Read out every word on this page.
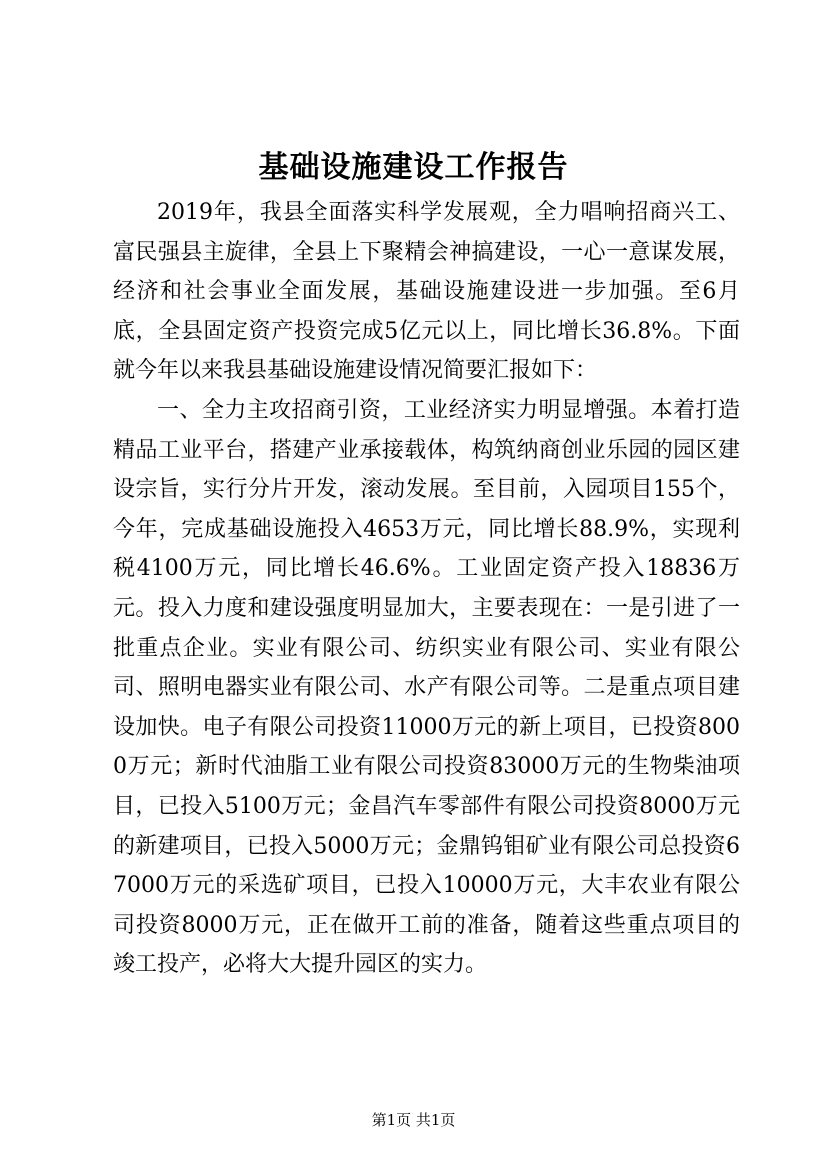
基础设施建设工作报告

2019年，我县全面落实科学发展观，全力唱响招商兴工、富民强县主旋律，全县上下聚精会神搞建设，一心一意谋发展，经济和社会事业全面发展，基础设施建设进一步加强。至6月底，全县固定资产投资完成5亿元以上，同比增长36.8%。下面就今年以来我县基础设施建设情况简要汇报如下：

一、全力主攻招商引资，工业经济实力明显增强。本着打造精品工业平台，搭建产业承接载体，构筑纳商创业乐园的园区建设宗旨，实行分片开发，滚动发展。至目前，入园项目155个，今年，完成基础设施投入4653万元，同比增长88.9%，实现利税4100万元，同比增长46.6%。工业固定资产投入18836万元。投入力度和建设强度明显加大，主要表现在：一是引进了一批重点企业。实业有限公司、纺织实业有限公司、实业有限公司、照明电器实业有限公司、水产有限公司等。二是重点项目建设加快。电子有限公司投资11000万元的新上项目，已投资8000万元；新时代油脂工业有限公司投资83000万元的生物柴油项目，已投入5100万元；金昌汽车零部件有限公司投资8000万元的新建项目，已投入5000万元；金鼎钨钼矿业有限公司总投资67000万元的采选矿项目，已投入10000万元，大丰农业有限公司投资8000万元，正在做开工前的准备，随着这些重点项目的竣工投产，必将大大提升园区的实力。

第1页 共1页
